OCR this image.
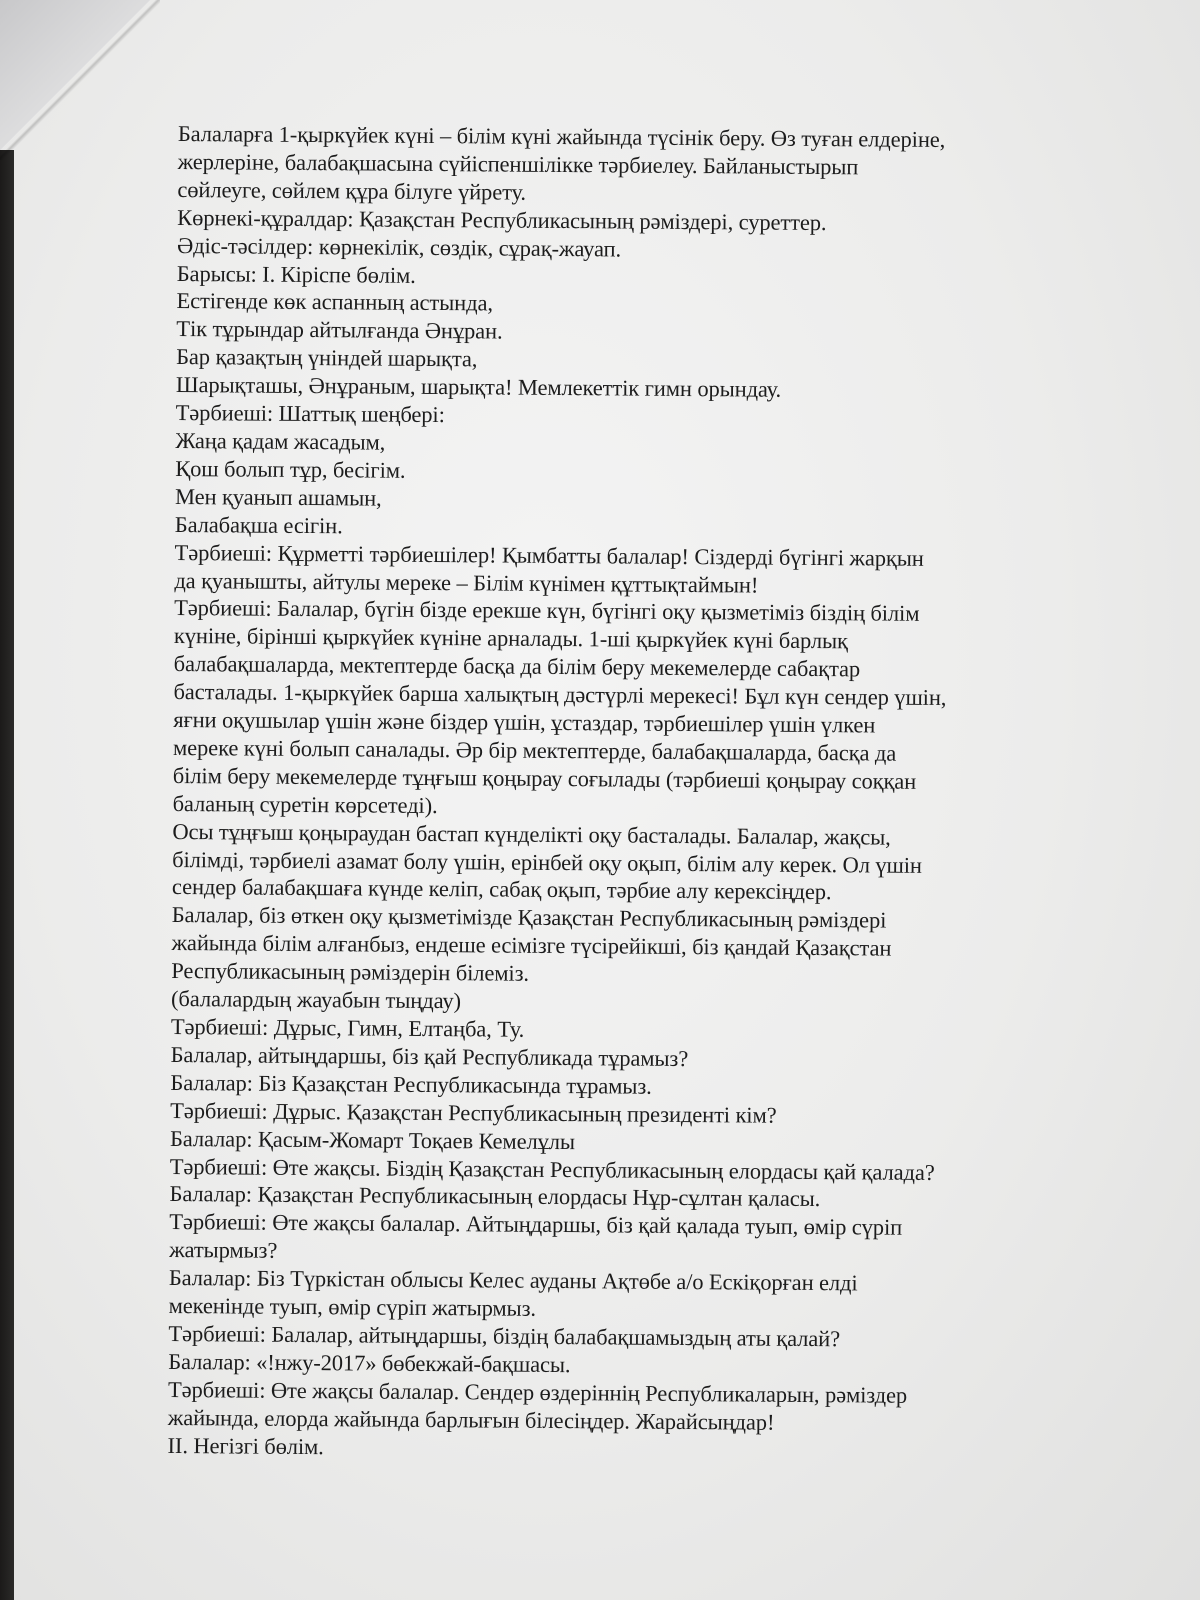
Балаларға 1-қыркүйек күні – білім күні жайында түсінік беру. Өз туған елдеріне,
жерлеріне, балабақшасына сүйіспеншілікке тәрбиелеу. Байланыстырып
сөйлеуге, сөйлем құра білуге үйрету.
Көрнекі-құралдар: Қазақстан Республикасының рәміздері, суреттер.
Әдіс-тәсілдер: көрнекілік, сөздік, сұрақ-жауап.
Барысы: І. Кіріспе бөлім.
Естігенде көк аспанның астында,
Тік тұрындар айтылғанда Әнұран.
Бар қазақтың үніндей шарықта,
Шарықташы, Әнұраным, шарықта! Мемлекеттік гимн орындау.
Тәрбиеші: Шаттық шеңбері:
Жаңа қадам жасадым,
Қош болып тұр, бесігім.
Мен қуанып ашамын,
Балабақша есігін.
Тәрбиеші: Құрметті тәрбиешілер! Қымбатты балалар! Сіздерді бүгінгі жарқын
да қуанышты, айтулы мереке – Білім күнімен құттықтаймын!
Тәрбиеші: Балалар, бүгін бізде ерекше күн, бүгінгі оқу қызметіміз біздің білім
күніне, бірінші қыркүйек күніне арналады. 1-ші қыркүйек күні барлық
балабақшаларда, мектептерде басқа да білім беру мекемелерде сабақтар
басталады. 1-қыркүйек барша халықтың дәстүрлі мерекесі! Бұл күн сендер үшін,
яғни оқушылар үшін және біздер үшін, ұстаздар, тәрбиешілер үшін үлкен
мереке күні болып саналады. Әр бір мектептерде, балабақшаларда, басқа да
білім беру мекемелерде тұңғыш қоңырау соғылады (тәрбиеші қоңырау соққан
баланың суретін көрсетеді).
Осы тұңғыш қоңыраудан бастап күнделікті оқу басталады. Балалар, жақсы,
білімді, тәрбиелі азамат болу үшін, ерінбей оқу оқып, білім алу керек. Ол үшін
сендер балабақшаға күнде келіп, сабақ оқып, тәрбие алу керексіңдер.
Балалар, біз өткен оқу қызметімізде Қазақстан Республикасының рәміздері
жайында білім алғанбыз, ендеше есімізге түсірейікші, біз қандай Қазақстан
Республикасының рәміздерін білеміз.
(балалардың жауабын тыңдау)
Тәрбиеші: Дұрыс, Гимн, Елтаңба, Ту.
Балалар, айтыңдаршы, біз қай Республикада тұрамыз?
Балалар: Біз Қазақстан Республикасында тұрамыз.
Тәрбиеші: Дұрыс. Қазақстан Республикасының президенті кім?
Балалар: Қасым-Жомарт Тоқаев Кемелұлы
Тәрбиеші: Өте жақсы. Біздің Қазақстан Республикасының елордасы қай қалада?
Балалар: Қазақстан Республикасының елордасы Нұр-сұлтан қаласы.
Тәрбиеші: Өте жақсы балалар. Айтыңдаршы, біз қай қалада туып, өмір сүріп
жатырмыз?
Балалар: Біз Түркістан облысы Келес ауданы Ақтөбе а/о Ескіқорған елді
мекенінде туып, өмір сүріп жатырмыз.
Тәрбиеші: Балалар, айтыңдаршы, біздің балабақшамыздың аты қалай?
Балалар: «!нжу-2017» бөбекжай-бақшасы.
Тәрбиеші: Өте жақсы балалар. Сендер өздеріннің Республикаларын, рәміздер
жайында, елорда жайында барлығын білесіңдер. Жарайсыңдар!
ІІ. Негізгі бөлім.
